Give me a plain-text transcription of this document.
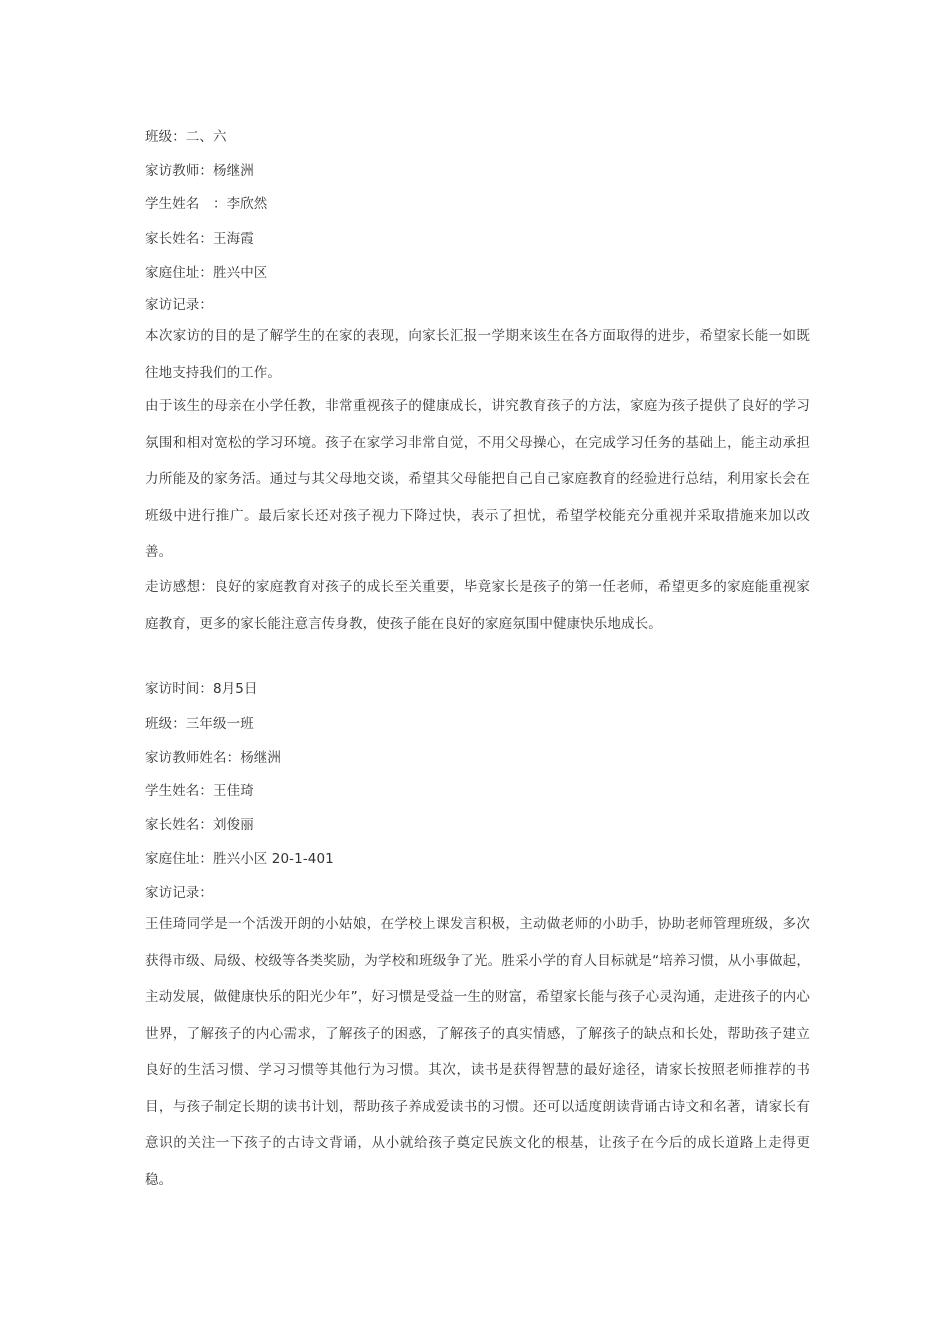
班级：二、六
家访教师：杨继洲
学生姓名　：李欣然
家长姓名：王海霞
家庭住址：胜兴中区
家访记录：
本次家访的目的是了解学生的在家的表现，向家长汇报一学期来该生在各方面取得的进步，希望家长能一如既往地支持我们的工作。
由于该生的母亲在小学任教，非常重视孩子的健康成长，讲究教育孩子的方法，家庭为孩子提供了良好的学习氛围和相对宽松的学习环境。孩子在家学习非常自觉，不用父母操心，在完成学习任务的基础上，能主动承担力所能及的家务活。通过与其父母地交谈，希望其父母能把自己自己家庭教育的经验进行总结，利用家长会在班级中进行推广。最后家长还对孩子视力下降过快，表示了担忧，希望学校能充分重视并采取措施来加以改善。
走访感想：良好的家庭教育对孩子的成长至关重要，毕竟家长是孩子的第一任老师，希望更多的家庭能重视家庭教育，更多的家长能注意言传身教，使孩子能在良好的家庭氛围中健康快乐地成长。
家访时间：8月5日
班级：三年级一班
家访教师姓名：杨继洲
学生姓名：王佳琦
家长姓名：刘俊丽
家庭住址：胜兴小区 20-1-401
家访记录：
王佳琦同学是一个活泼开朗的小姑娘，在学校上课发言积极，主动做老师的小助手，协助老师管理班级，多次获得市级、局级、校级等各类奖励，为学校和班级争了光。胜采小学的育人目标就是“培养习惯，从小事做起，主动发展，做健康快乐的阳光少年”，好习惯是受益一生的财富，希望家长能与孩子心灵沟通，走进孩子的内心世界，了解孩子的内心需求，了解孩子的困惑，了解孩子的真实情感，了解孩子的缺点和长处，帮助孩子建立良好的生活习惯、学习习惯等其他行为习惯。其次，读书是获得智慧的最好途径，请家长按照老师推荐的书目，与孩子制定长期的读书计划，帮助孩子养成爱读书的习惯。还可以适度朗读背诵古诗文和名著，请家长有意识的关注一下孩子的古诗文背诵，从小就给孩子奠定民族文化的根基，让孩子在今后的成长道路上走得更稳。
